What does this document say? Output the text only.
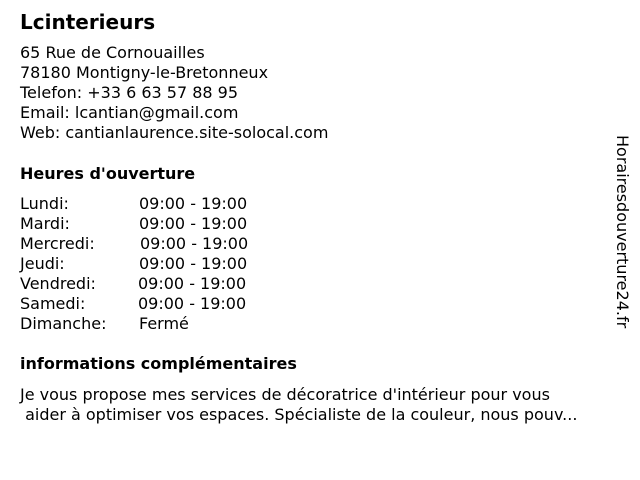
Lcinterieurs
65 Rue de Cornouailles
78180 Montigny-le-Bretonneux
Telefon: +33 6 63 57 88 95
Email: lcantian@gmail.com
Web: cantianlaurence.site-solocal.com
Heures d'ouverture
Lundi:	09:00 - 19:00
Mardi:	09:00 - 19:00
Mercredi:	09:00 - 19:00
Jeudi:	09:00 - 19:00
Vendredi:	09:00 - 19:00
Samedi:	09:00 - 19:00
Dimanche: Fermé
informations complémentaires
Je vous propose mes services de décoratrice d'intérieur pour vous
aider à optimiser vos espaces. Spécialiste de la couleur, nous pouv...
Horairesdouverture24.fr
